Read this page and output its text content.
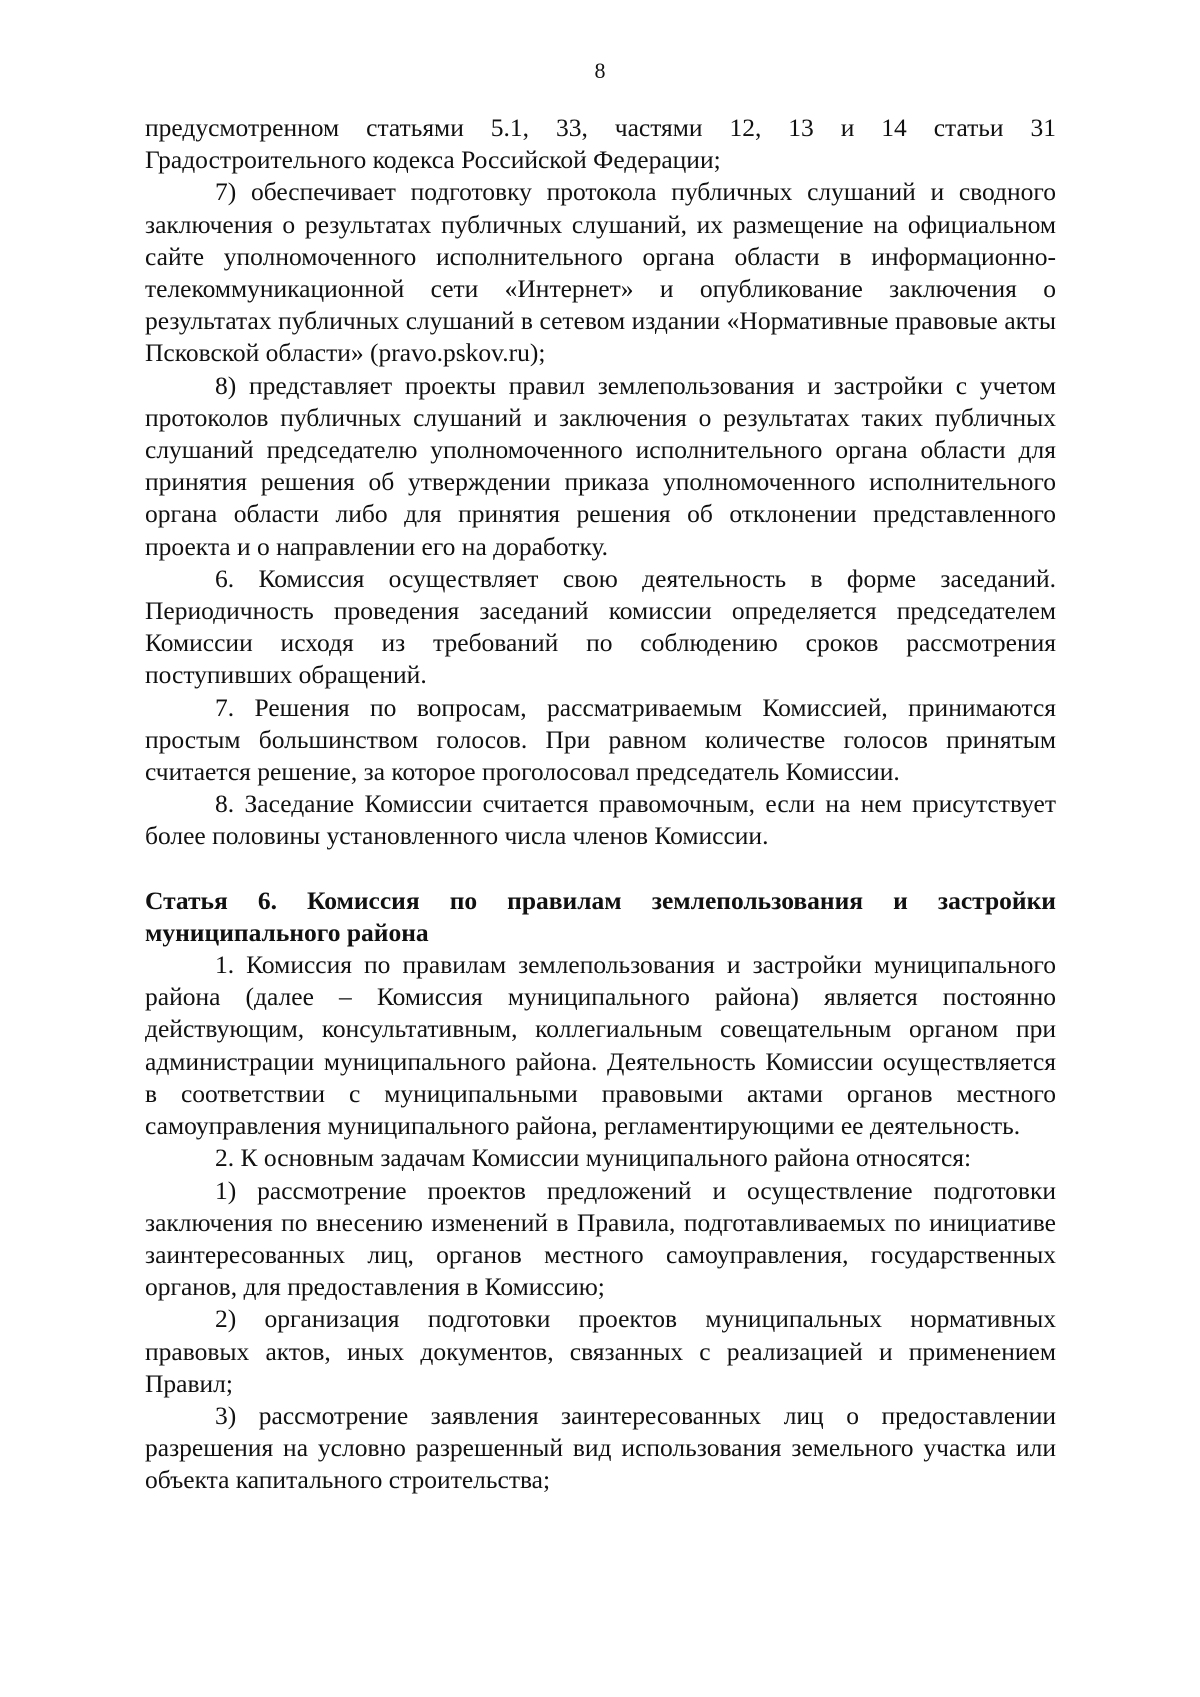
8

предусмотренном статьями 5.1, 33, частями 12, 13 и 14 статьи 31 Градостроительного кодекса Российской Федерации;

7) обеспечивает подготовку протокола публичных слушаний и сводного заключения о результатах публичных слушаний, их размещение на официальном сайте уполномоченного исполнительного органа области в информационно-телекоммуникационной сети «Интернет» и опубликование заключения о результатах публичных слушаний в сетевом издании «Нормативные правовые акты Псковской области» (pravo.pskov.ru);

8) представляет проекты правил землепользования и застройки с учетом протоколов публичных слушаний и заключения о результатах таких публичных слушаний председателю уполномоченного исполнительного органа области для принятия решения об утверждении приказа уполномоченного исполнительного органа области либо для принятия решения об отклонении представленного проекта и о направлении его на доработку.

6. Комиссия осуществляет свою деятельность в форме заседаний. Периодичность проведения заседаний комиссии определяется председателем Комиссии исходя из требований по соблюдению сроков рассмотрения поступивших обращений.

7. Решения по вопросам, рассматриваемым Комиссией, принимаются простым большинством голосов. При равном количестве голосов принятым считается решение, за которое проголосовал председатель Комиссии.

8. Заседание Комиссии считается правомочным, если на нем присутствует более половины установленного числа членов Комиссии.

Статья 6. Комиссия по правилам землепользования и застройки муниципального района

1. Комиссия по правилам землепользования и застройки муниципального района (далее – Комиссия муниципального района) является постоянно действующим, консультативным, коллегиальным совещательным органом при администрации муниципального района. Деятельность Комиссии осуществляется в соответствии с муниципальными правовыми актами органов местного самоуправления муниципального района, регламентирующими ее деятельность.

2. К основным задачам Комиссии муниципального района относятся:

1) рассмотрение проектов предложений и осуществление подготовки заключения по внесению изменений в Правила, подготавливаемых по инициативе заинтересованных лиц, органов местного самоуправления, государственных органов, для предоставления в Комиссию;

2) организация подготовки проектов муниципальных нормативных правовых актов, иных документов, связанных с реализацией и применением Правил;

3) рассмотрение заявления заинтересованных лиц о предоставлении разрешения на условно разрешенный вид использования земельного участка или объекта капитального строительства;
